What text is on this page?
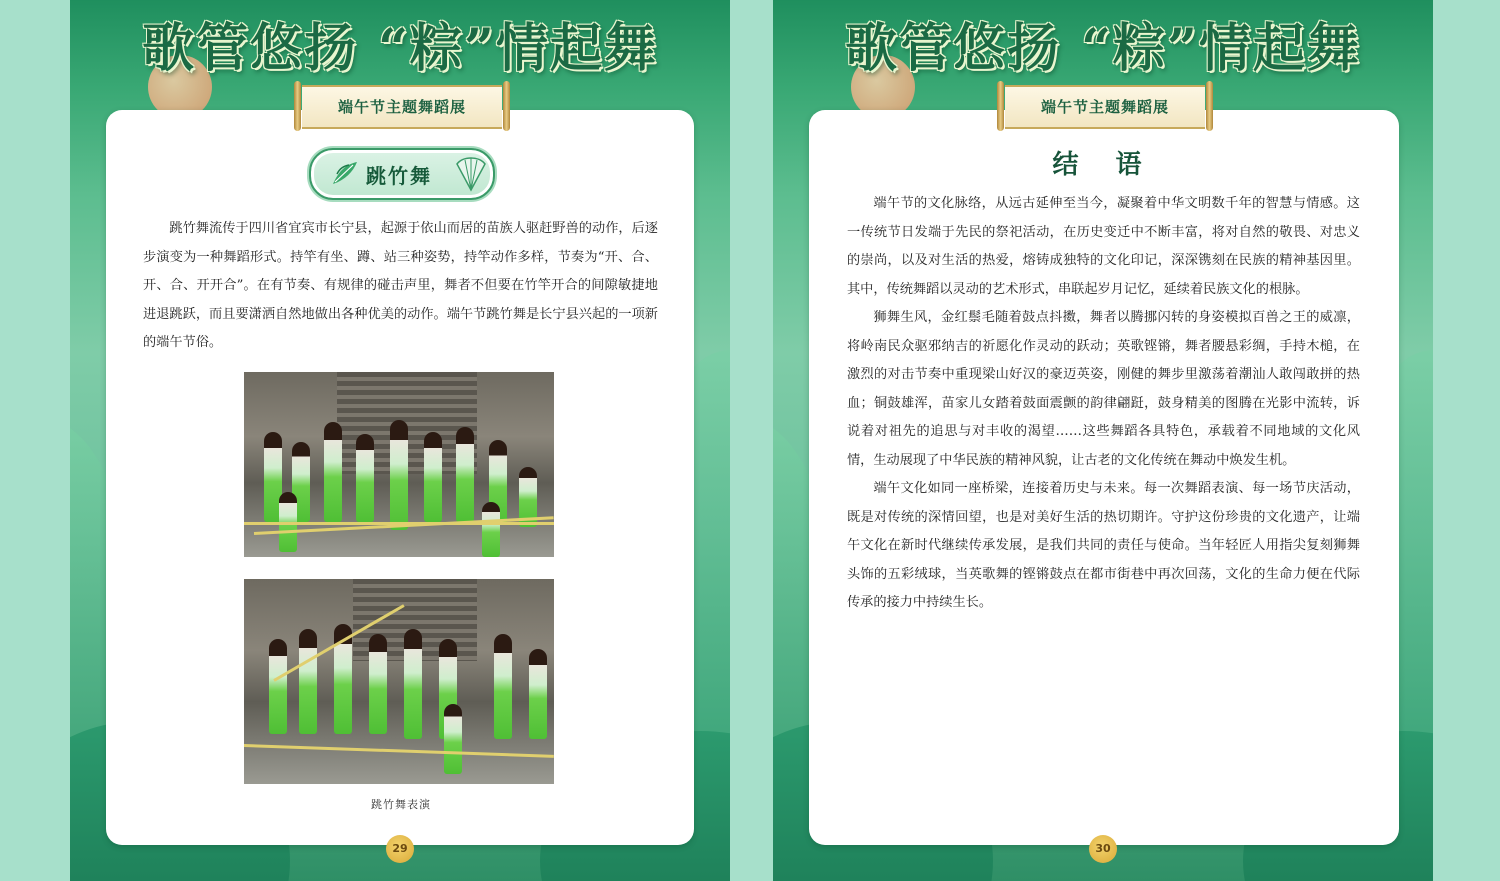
歌管悠扬 “粽”情起舞
跳竹舞

跳竹舞流传于四川省宜宾市长宁县，起源于依山而居的苗族人驱赶野兽的动作，后逐步演变为一种舞蹈形式。持竿有坐、蹲、站三种姿势，持竿动作多样，节奏为“开、合、开、合、开开合”。在有节奏、有规律的碰击声里，舞者不但要在竹竿开合的间隙敏捷地进退跳跃，而且要潇洒自然地做出各种优美的动作。端午节跳竹舞是长宁县兴起的一项新的端午节俗。

跳竹舞表演
端午节主题舞蹈展
29
歌管悠扬 “粽”情起舞
结 语

端午节的文化脉络，从远古延伸至当今，凝聚着中华文明数千年的智慧与情感。这一传统节日发端于先民的祭祀活动，在历史变迁中不断丰富，将对自然的敬畏、对忠义的崇尚，以及对生活的热爱，熔铸成独特的文化印记，深深镌刻在民族的精神基因里。其中，传统舞蹈以灵动的艺术形式，串联起岁月记忆，延续着民族文化的根脉。

狮舞生风，金红鬃毛随着鼓点抖擞，舞者以腾挪闪转的身姿模拟百兽之王的威凛，将岭南民众驱邪纳吉的祈愿化作灵动的跃动；英歌铿锵，舞者腰悬彩绸，手持木槌，在激烈的对击节奏中重现梁山好汉的豪迈英姿，刚健的舞步里激荡着潮汕人敢闯敢拼的热血；铜鼓雄浑，苗家儿女踏着鼓面震颤的韵律翩跹，鼓身精美的图腾在光影中流转，诉说着对祖先的追思与对丰收的渴望……这些舞蹈各具特色，承载着不同地域的文化风情，生动展现了中华民族的精神风貌，让古老的文化传统在舞动中焕发生机。

端午文化如同一座桥梁，连接着历史与未来。每一次舞蹈表演、每一场节庆活动，既是对传统的深情回望，也是对美好生活的热切期许。守护这份珍贵的文化遗产，让端午文化在新时代继续传承发展，是我们共同的责任与使命。当年轻匠人用指尖复刻狮舞头饰的五彩绒球，当英歌舞的铿锵鼓点在都市街巷中再次回荡，文化的生命力便在代际传承的接力中持续生长。

端午节主题舞蹈展
30
